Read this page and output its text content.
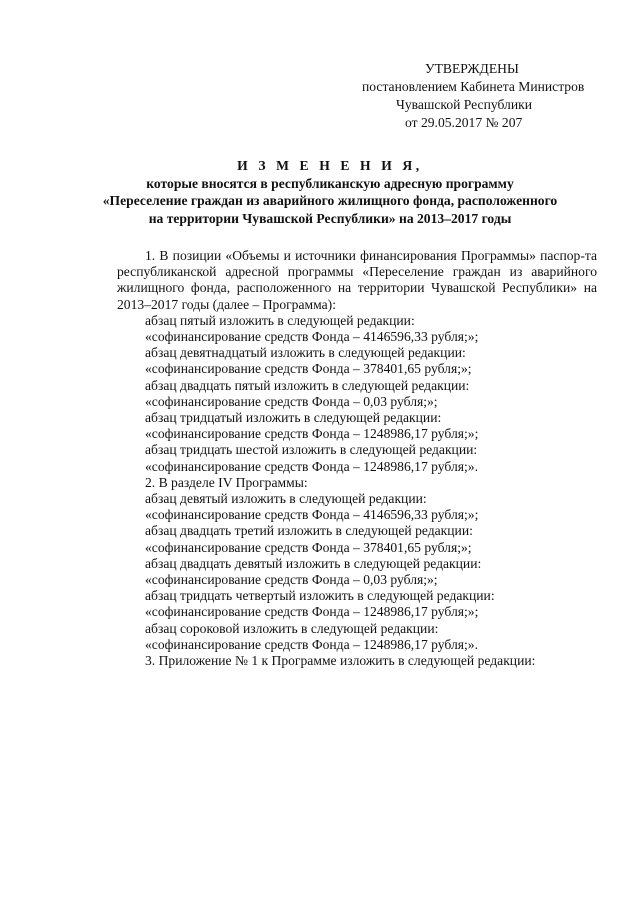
УТВЕРЖДЕНЫ
постановлением Кабинета Министров
Чувашской Республики
от 29.05.2017 № 207
И З М Е Н Е Н И Я,
которые вносятся в республиканскую адресную программу
«Переселение граждан из аварийного жилищного фонда, расположенного
на территории Чувашской Республики» на 2013–2017 годы

1. В позиции «Объемы и источники финансирования Программы» паспор-та республиканской адресной программы «Переселение граждан из аварийного жилищного фонда, расположенного на территории Чувашской Республики» на 2013–2017 годы (далее – Программа):

абзац пятый изложить в следующей редакции:

«софинансирование средств Фонда – 4146596,33 рубля;»;

абзац девятнадцатый изложить в следующей редакции:

«софинансирование средств Фонда – 378401,65 рубля;»;

абзац двадцать пятый изложить в следующей редакции:

«софинансирование средств Фонда – 0,03 рубля;»;

абзац тридцатый изложить в следующей редакции:

«софинансирование средств Фонда – 1248986,17 рубля;»;

абзац тридцать шестой изложить в следующей редакции:

«софинансирование средств Фонда – 1248986,17 рубля;».

2. В разделе IV Программы:

абзац девятый изложить в следующей редакции:

«софинансирование средств Фонда – 4146596,33 рубля;»;

абзац двадцать третий изложить в следующей редакции:

«софинансирование средств Фонда – 378401,65 рубля;»;

абзац двадцать девятый изложить в следующей редакции:

«софинансирование средств Фонда – 0,03 рубля;»;

абзац тридцать четвертый изложить в следующей редакции:

«софинансирование средств Фонда – 1248986,17 рубля;»;

абзац сороковой изложить в следующей редакции:

«софинансирование средств Фонда – 1248986,17 рубля;».

3. Приложение № 1 к Программе изложить в следующей редакции:
